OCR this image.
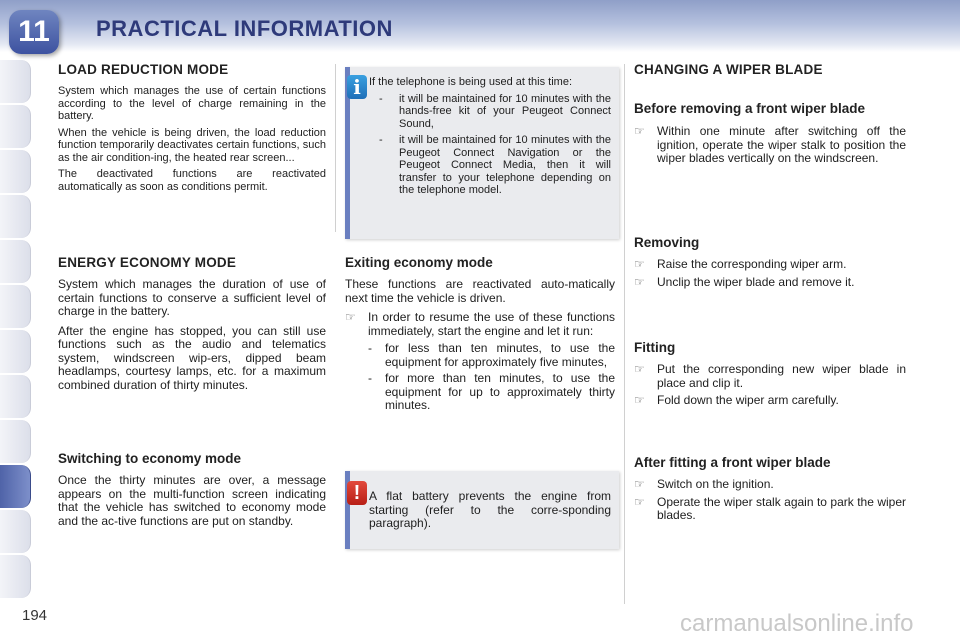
11	PRACTICAL INFORMATION
LOAD REDUCTION MODE

System which manages the use of certain functions according to the level of charge remaining in the battery.

When the vehicle is being driven, the load reduction function temporarily deactivates certain functions, such as the air condition-ing, the heated rear screen...

The deactivated functions are reactivated automatically as soon as conditions permit.

ENERGY ECONOMY MODE

System which manages the duration of use of certain functions to conserve a sufficient level of charge in the battery.

After the engine has stopped, you can still use functions such as the audio and telematics system, windscreen wip-ers, dipped beam headlamps, courtesy lamps, etc. for a maximum combined duration of thirty minutes.

Switching to economy mode

Once the thirty minutes are over, a message appears on the multi-function screen indicating that the vehicle has switched to economy mode and the ac-tive functions are put on standby.

i If the telephone is being used at this time:

- it will be maintained for 10 minutes with the hands-free kit of your Peugeot Connect Sound,
- it will be maintained for 10 minutes with the Peugeot Connect Navigation or the Peugeot Connect Media, then it will transfer to your telephone depending on the telephone model.
Exiting economy mode

These functions are reactivated auto-matically next time the vehicle is driven.

☞ In order to resume the use of these functions immediately, start the engine and let it run:
- for less than ten minutes, to use the equipment for approximately five minutes,
- for more than ten minutes, to use the equipment for up to approximately thirty minutes.
! A flat battery prevents the engine from starting (refer to the corre-sponding paragraph).

CHANGING A WIPER BLADE
Before removing a front wiper blade
☞ Within one minute after switching off the ignition, operate the wiper stalk to position the wiper blades vertically on the windscreen.
Removing
☞ Raise the corresponding wiper arm.
☞ Unclip the wiper blade and remove it.
Fitting
☞ Put the corresponding new wiper blade in place and clip it.
☞ Fold down the wiper arm carefully.
After fitting a front wiper blade
☞ Switch on the ignition.
☞ Operate the wiper stalk again to park the wiper blades.
194	carmanualsonline.info
